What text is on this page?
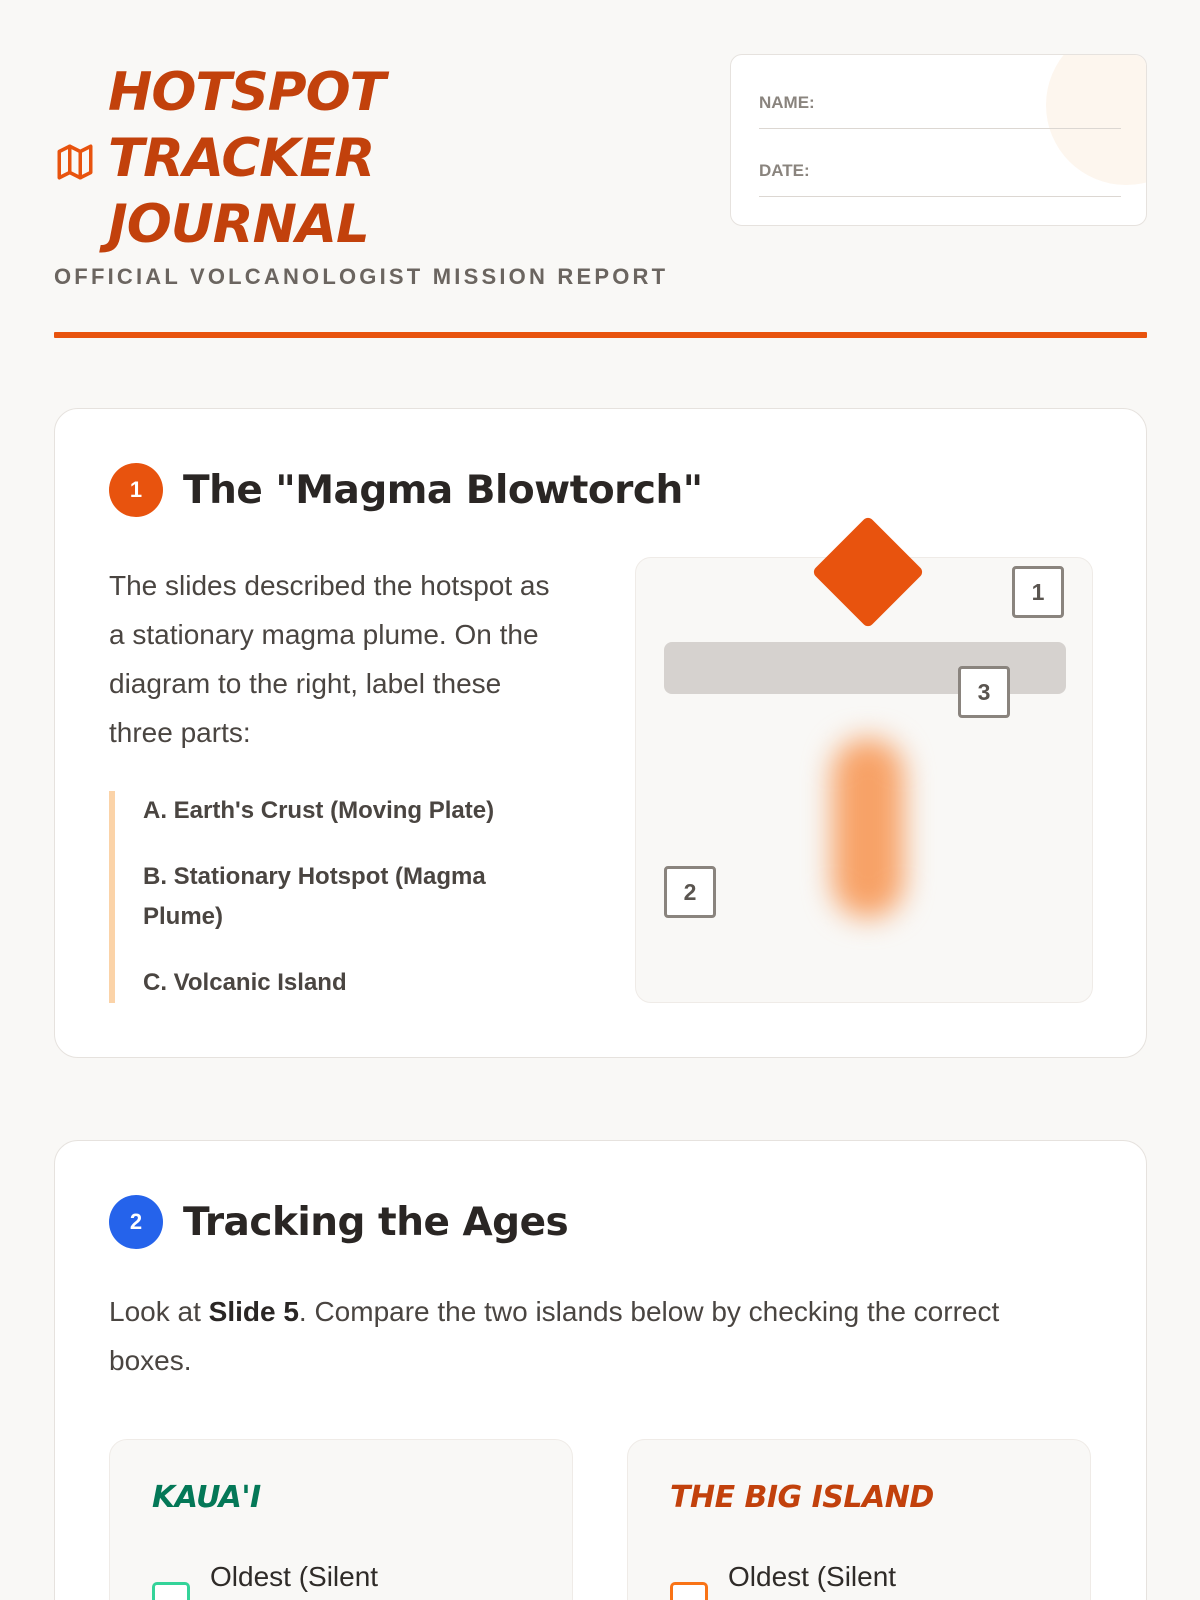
HOTSPOT TRACKER JOURNAL
OFFICIAL VOLCANOLOGIST MISSION REPORT
NAME:
DATE:
1	The "Magma Blowtorch"
The slides described the hotspot as a stationary magma plume. On the diagram to the right, label these three parts:
A. Earth's Crust (Moving Plate)
B. Stationary Hotspot (Magma Plume)
C. Volcanic Island
1
3
2
2	Tracking the Ages
Look at Slide 5. Compare the two islands below by checking the correct boxes.
KAUA'I
Oldest (Silent
THE BIG ISLAND
Oldest (Silent
